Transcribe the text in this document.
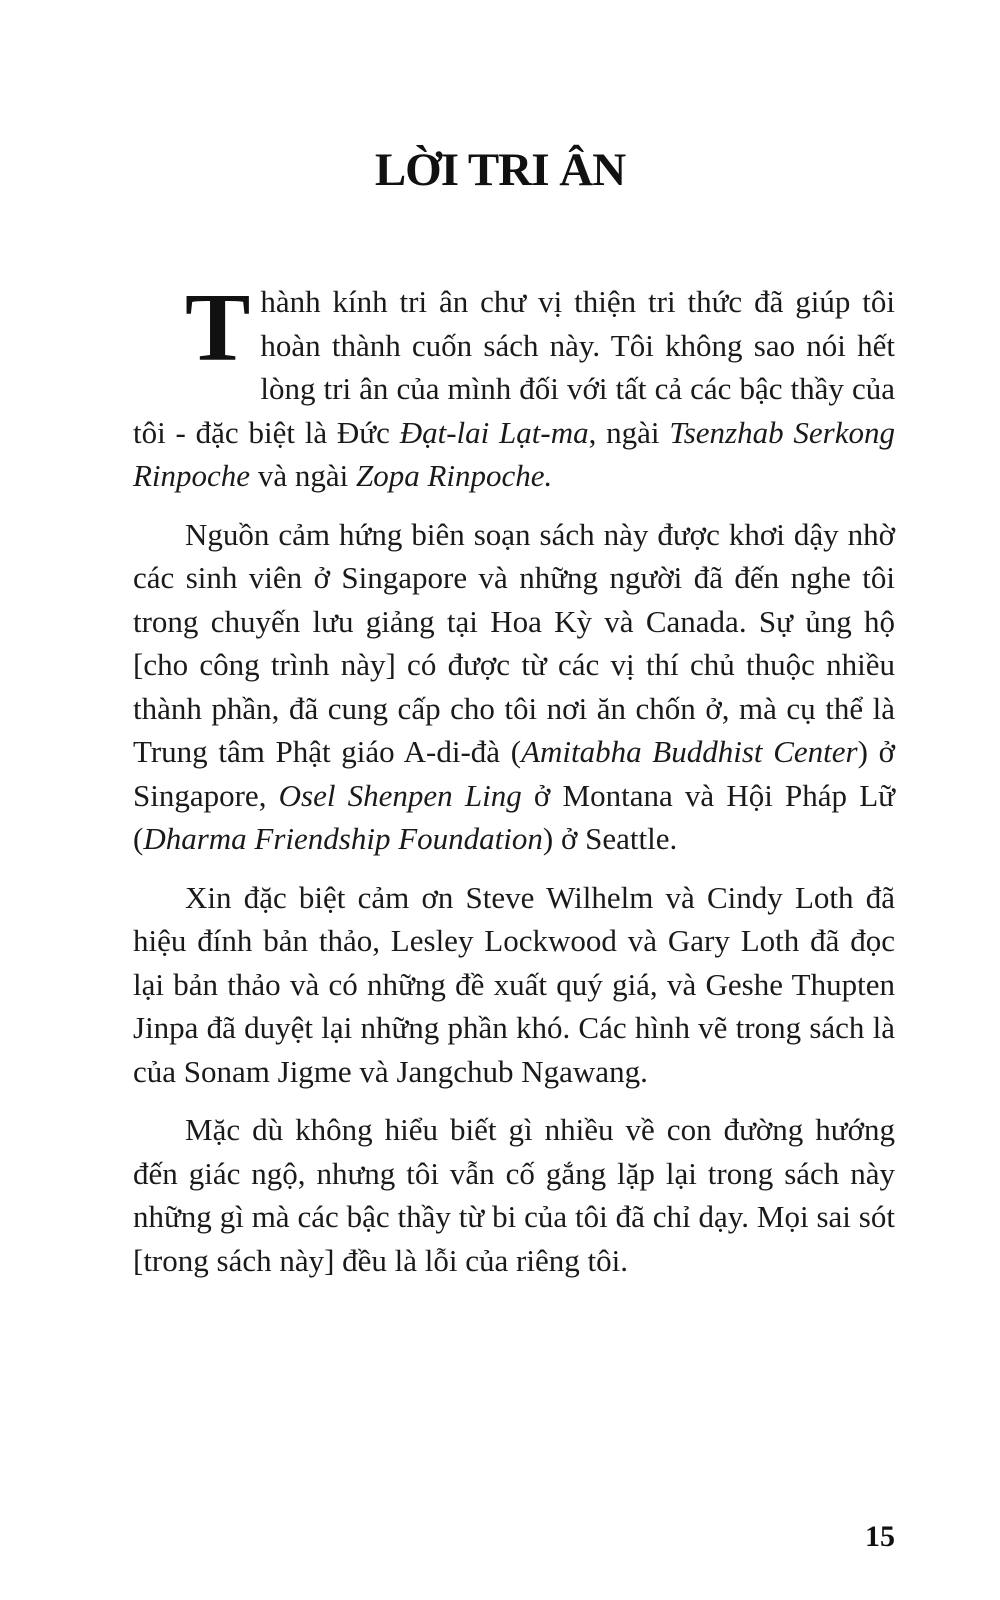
LỜI TRI ÂN

Thành kính tri ân chư vị thiện tri thức đã giúp tôi hoàn thành cuốn sách này. Tôi không sao nói hết lòng tri ân của mình đối với tất cả các bậc thầy của tôi - đặc biệt là Đức Đạt-lai Lạt-ma, ngài Tsenzhab Serkong Rinpoche và ngài Zopa Rinpoche.

Nguồn cảm hứng biên soạn sách này được khơi dậy nhờ các sinh viên ở Singapore và những người đã đến nghe tôi trong chuyến lưu giảng tại Hoa Kỳ và Canada. Sự ủng hộ [cho công trình này] có được từ các vị thí chủ thuộc nhiều thành phần, đã cung cấp cho tôi nơi ăn chốn ở, mà cụ thể là Trung tâm Phật giáo A-di-đà (Amitabha Buddhist Center) ở Singapore, Osel Shenpen Ling ở Montana và Hội Pháp Lữ (Dharma Friendship Foundation) ở Seattle.

Xin đặc biệt cảm ơn Steve Wilhelm và Cindy Loth đã hiệu đính bản thảo, Lesley Lockwood và Gary Loth đã đọc lại bản thảo và có những đề xuất quý giá, và Geshe Thupten Jinpa đã duyệt lại những phần khó. Các hình vẽ trong sách là của Sonam Jigme và Jangchub Ngawang.

Mặc dù không hiểu biết gì nhiều về con đường hướng đến giác ngộ, nhưng tôi vẫn cố gắng lặp lại trong sách này những gì mà các bậc thầy từ bi của tôi đã chỉ dạy. Mọi sai sót [trong sách này] đều là lỗi của riêng tôi.

15
